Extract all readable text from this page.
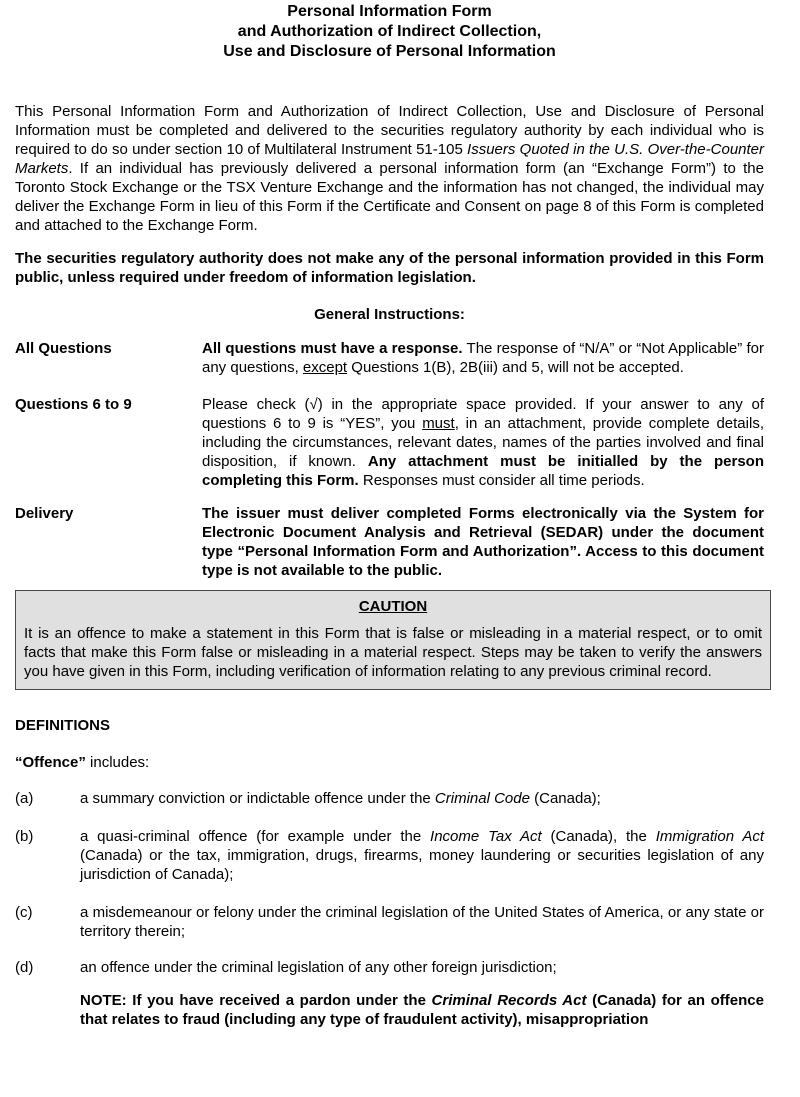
Personal Information Form
and Authorization of Indirect Collection,
Use and Disclosure of Personal Information

This Personal Information Form and Authorization of Indirect Collection, Use and Disclosure of Personal Information must be completed and delivered to the securities regulatory authority by each individual who is required to do so under section 10 of Multilateral Instrument 51-105 Issuers Quoted in the U.S. Over-the-Counter Markets. If an individual has previously delivered a personal information form (an “Exchange Form”) to the Toronto Stock Exchange or the TSX Venture Exchange and the information has not changed, the individual may deliver the Exchange Form in lieu of this Form if the Certificate and Consent on page 8 of this Form is completed and attached to the Exchange Form.

The securities regulatory authority does not make any of the personal information provided in this Form public, unless required under freedom of information legislation.

General Instructions:
All Questions	All questions must have a response. The response of “N/A” or “Not Applicable” for any questions, except Questions 1(B), 2B(iii) and 5, will not be accepted.

Questions 6 to 9	Please check (√) in the appropriate space provided. If your answer to any of questions 6 to 9 is “YES”, you must, in an attachment, provide complete details, including the circumstances, relevant dates, names of the parties involved and final disposition, if known. Any attachment must be initialled by the person completing this Form. Responses must consider all time periods.

Delivery	The issuer must deliver completed Forms electronically via the System for Electronic Document Analysis and Retrieval (SEDAR) under the document type “Personal Information Form and Authorization”. Access to this document type is not available to the public.

CAUTION

It is an offence to make a statement in this Form that is false or misleading in a material respect, or to omit facts that make this Form false or misleading in a material respect. Steps may be taken to verify the answers you have given in this Form, including verification of information relating to any previous criminal record.

DEFINITIONS

“Offence” includes:

(a)	a summary conviction or indictable offence under the Criminal Code (Canada);

(b)	a quasi-criminal offence (for example under the Income Tax Act (Canada), the Immigration Act (Canada) or the tax, immigration, drugs, firearms, money laundering or securities legislation of any jurisdiction of Canada);

(c)	a misdemeanour or felony under the criminal legislation of the United States of America, or any state or territory therein;

(d)	an offence under the criminal legislation of any other foreign jurisdiction;

NOTE: If you have received a pardon under the Criminal Records Act (Canada) for an offence that relates to fraud (including any type of fraudulent activity), misappropriation
